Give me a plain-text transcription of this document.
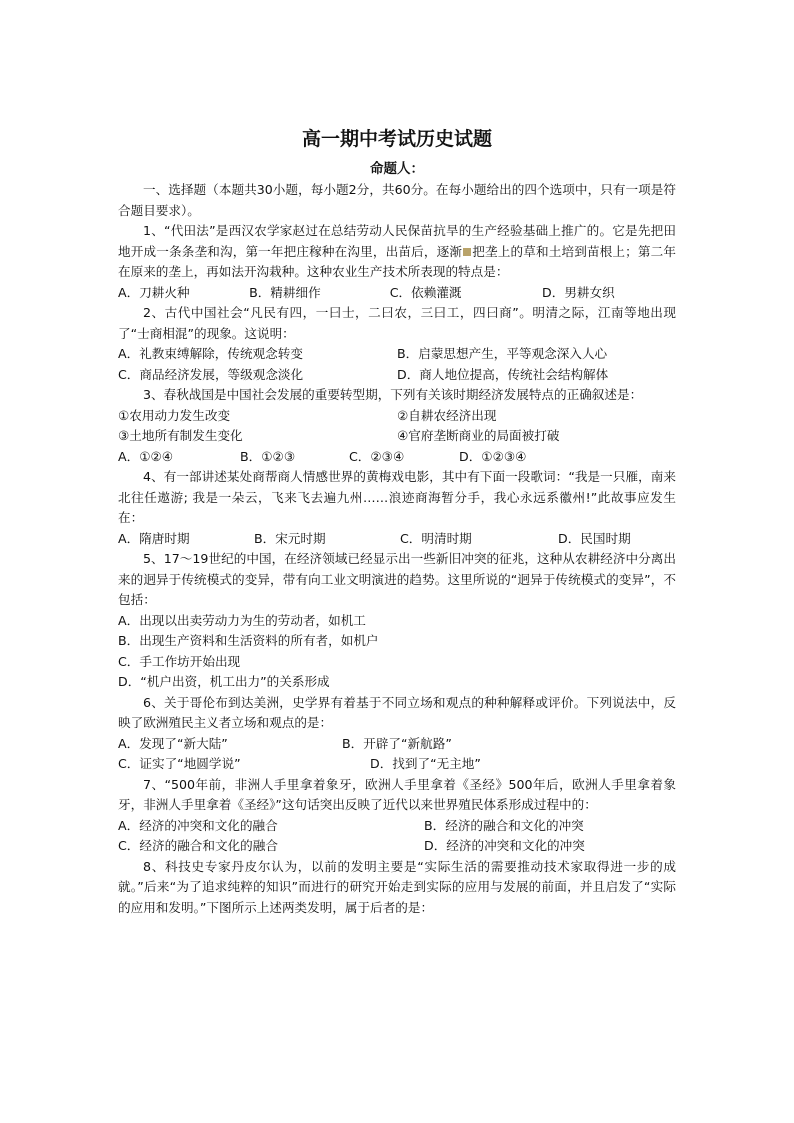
高一期中考试历史试题
命题人：

一、选择题（本题共30小题，每小题2分，共60分。在每小题给出的四个选项中，只有一项是符合题目要求）。

1、“代田法”是西汉农学家赵过在总结劳动人民保苗抗旱的生产经验基础上推广的。它是先把田地开成一条条垄和沟，第一年把庄稼种在沟里，出苗后，逐渐 把垄上的草和土培到苗根上；第二年在原来的垄上，再如法开沟栽种。这种农业生产技术所表现的特点是：

A．刀耕火种	B．精耕细作	C．依赖灌溉	D．男耕女织

2、古代中国社会“凡民有四，一曰士，二曰农，三曰工，四曰商”。明清之际，江南等地出现了“士商相混”的现象。这说明：

A．礼教束缚解除，传统观念转变	B．启蒙思想产生，平等观念深入人心
C．商品经济发展，等级观念淡化	D．商人地位提高，传统社会结构解体

3、春秋战国是中国社会发展的重要转型期，下列有关该时期经济发展特点的正确叙述是：

①农用动力发生改变	②自耕农经济出现
③土地所有制发生变化	④官府垄断商业的局面被打破
A．①②④	B．①②③	C．②③④	D．①②③④

4、有一部讲述某处商帮商人情感世界的黄梅戏电影，其中有下面一段歌词：“我是一只雁，南来北往任遨游; 我是一朵云，飞来飞去遍九州……浪迹商海暂分手，我心永远系徽州!”此故事应发生在：

A．隋唐时期	B．宋元时期	C．明清时期	D．民国时期

5、17～19世纪的中国，在经济领域已经显示出一些新旧冲突的征兆，这种从农耕经济中分离出来的迥异于传统模式的变异，带有向工业文明演进的趋势。这里所说的“迥异于传统模式的变异”，不包括：

A．出现以出卖劳动力为生的劳动者，如机工

B．出现生产资料和生活资料的所有者，如机户

C．手工作坊开始出现

D．“机户出资，机工出力”的关系形成

6、关于哥伦布到达美洲，史学界有着基于不同立场和观点的种种解释或评价。下列说法中，反映了欧洲殖民主义者立场和观点的是：

A．发现了“新大陆”	B．开辟了“新航路”
C．证实了“地圆学说”	D．找到了“无主地”

7、“500年前，非洲人手里拿着象牙，欧洲人手里拿着《圣经》500年后，欧洲人手里拿着象牙，非洲人手里拿着《圣经》”这句话突出反映了近代以来世界殖民体系形成过程中的：

A．经济的冲突和文化的融合	B．经济的融合和文化的冲突
C．经济的融合和文化的融合	D．经济的冲突和文化的冲突

8、科技史专家丹皮尔认为，以前的发明主要是“实际生活的需要推动技术家取得进一步的成就。”后来“为了追求纯粹的知识”而进行的研究开始走到实际的应用与发展的前面，并且启发了“实际的应用和发明。”下图所示上述两类发明，属于后者的是：
